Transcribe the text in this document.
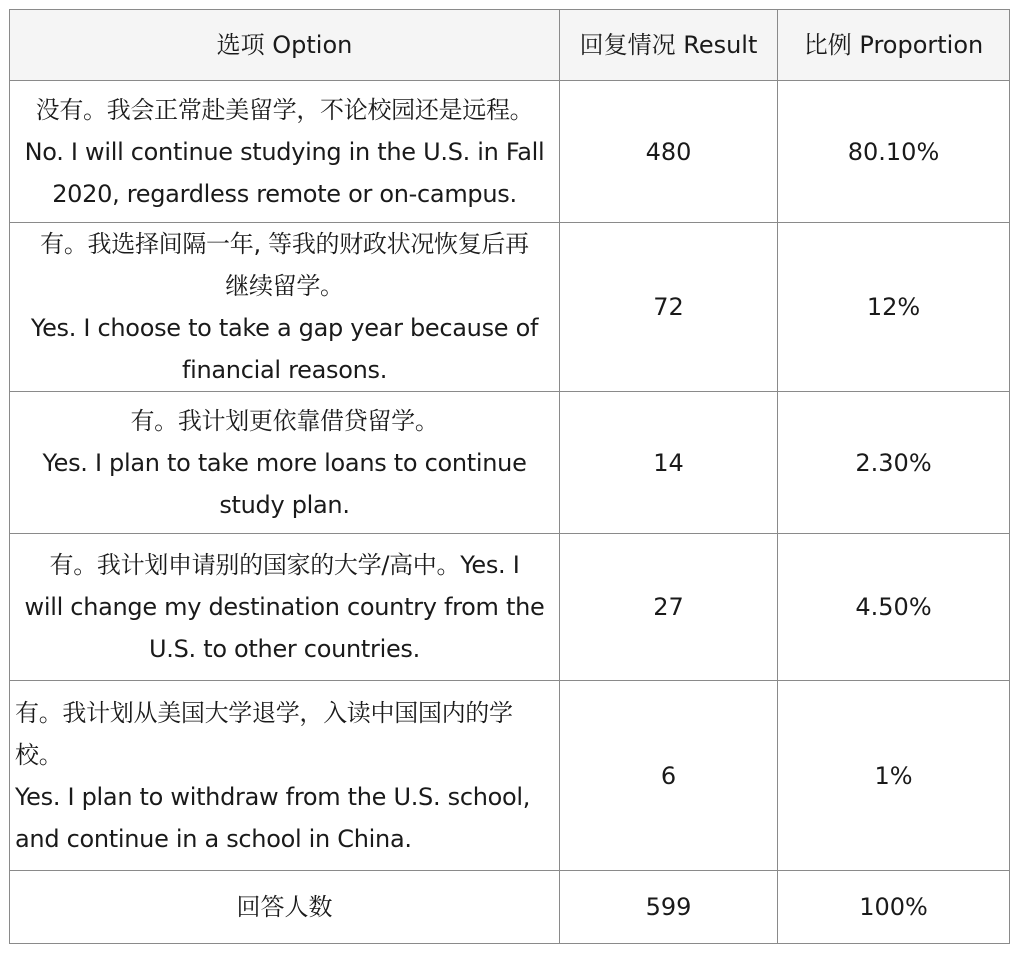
选项 Option	回复情况 Result	比例 Proportion

没有。我会正常赴美留学，不论校园还是远程。
No. I will continue studying in the U.S. in Fall
2020, regardless remote or on-campus.	480	80.10%

有。我选择间隔一年, 等我的财政状况恢复后再
继续留学。
Yes. I choose to take a gap year because of
financial reasons.	72	12%

有。我计划更依靠借贷留学。
Yes. I plan to take more loans to continue
study plan.	14	2.30%

有。我计划申请别的国家的大学/高中。Yes. I
will change my destination country from the
U.S. to other countries.	27	4.50%

有。我计划从美国大学退学，入读中国国内的学
校。
Yes. I plan to withdraw from the U.S. school,
and continue in a school in China.	6	1%
回答人数	599	100%
